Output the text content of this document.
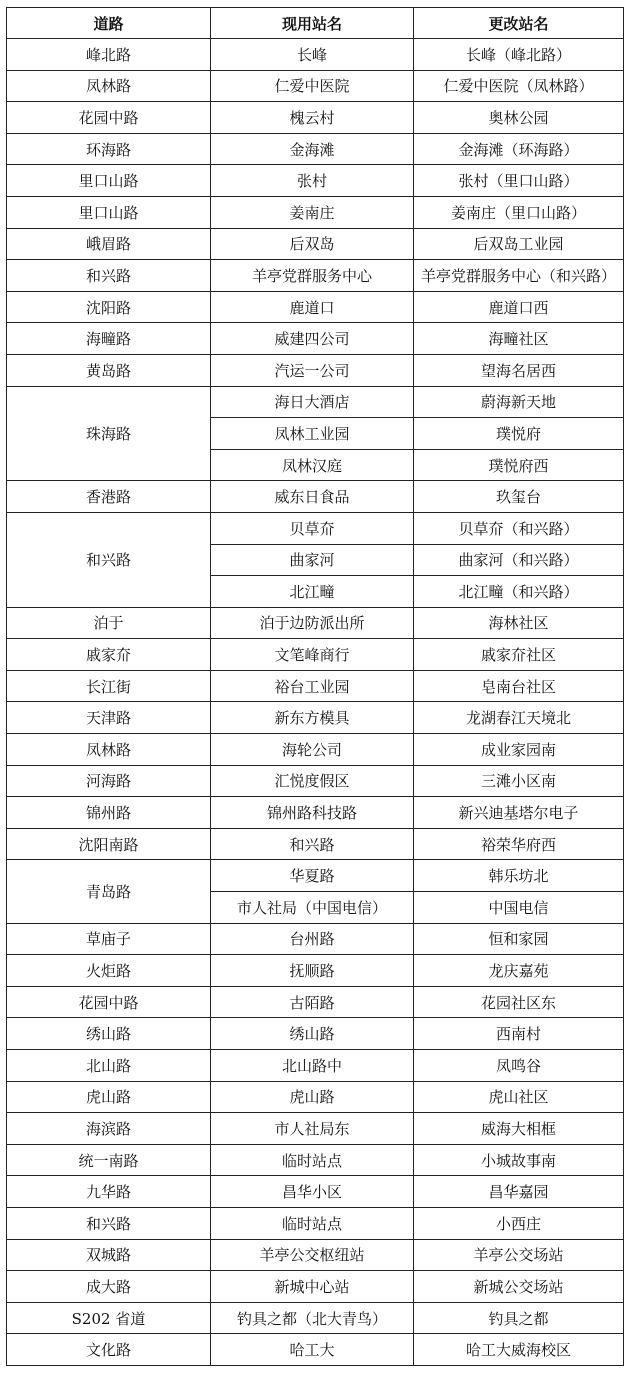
道路	现用站名	更改站名
峰北路	长峰	长峰（峰北路）
凤林路	仁爱中医院	仁爱中医院（凤林路）
花园中路	槐云村	奥林公园
环海路	金海滩	金海滩（环海路）
里口山路	张村	张村（里口山路）
里口山路	姜南庄	姜南庄（里口山路）
峨眉路	后双岛	后双岛工业园
和兴路	羊亭党群服务中心	羊亭党群服务中心（和兴路）
沈阳路	鹿道口	鹿道口西
海疃路	威建四公司	海疃社区
黄岛路	汽运一公司	望海名居西
珠海路	海日大酒店	蔚海新天地
	凤林工业园	璞悦府
	凤林汉庭	璞悦府西
香港路	威东日食品	玖玺台
和兴路	贝草夼	贝草夼（和兴路）
	曲家河	曲家河（和兴路）
	北江疃	北江疃（和兴路）
泊于	泊于边防派出所	海林社区
戚家夼	文笔峰商行	戚家夼社区
长江街	裕台工业园	皂南台社区
天津路	新东方模具	龙湖春江天境北
凤林路	海轮公司	成业家园南
河海路	汇悦度假区	三滩小区南
锦州路	锦州路科技路	新兴迪基塔尔电子
沈阳南路	和兴路	裕荣华府西
青岛路	华夏路	韩乐坊北
	市人社局（中国电信）	中国电信
草庙子	台州路	恒和家园
火炬路	抚顺路	龙庆嘉苑
花园中路	古陌路	花园社区东
绣山路	绣山路	西南村
北山路	北山路中	凤鸣谷
虎山路	虎山路	虎山社区
海滨路	市人社局东	威海大相框
统一南路	临时站点	小城故事南
九华路	昌华小区	昌华嘉园
和兴路	临时站点	小西庄
双城路	羊亭公交枢纽站	羊亭公交场站
成大路	新城中心站	新城公交场站
S202 省道	钓具之都（北大青鸟）	钓具之都
文化路	哈工大	哈工大威海校区
